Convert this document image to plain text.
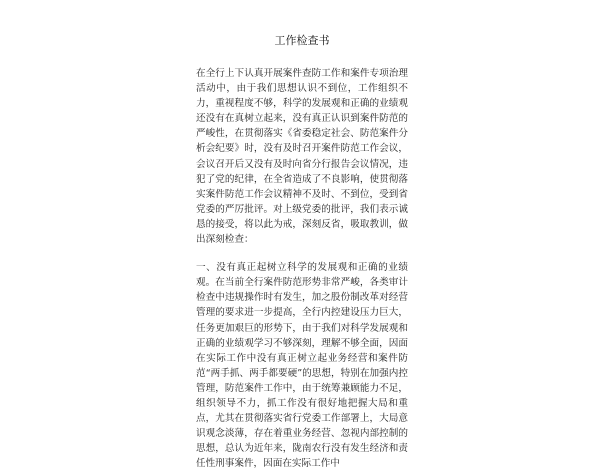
工作检查书

在全行上下认真开展案件查防工作和案件专项治理活动中，由于我们思想认识不到位，工作组织不力，重视程度不够，科学的发展观和正确的业绩观还没有在真树立起来，没有真正认识到案件防范的严峻性，在贯彻落实《省委稳定社会、防范案件分析会纪要》时，没有及时召开案件防范工作会议，会议召开后又没有及时向省分行报告会议情况，违犯了党的纪律，在全省造成了不良影响，使贯彻落实案件防范工作会议精神不及时、不到位，受到省党委的严厉批评。对上级党委的批评，我们表示诚恳的接受，将以此为戒，深刻反省，吸取教训，做出深刻检查：

一、没有真正起树立科学的发展观和正确的业绩观。在当前全行案件防范形势非常严峻，各类审计检查中违规操作时有发生，加之股份制改革对经营管理的要求进一步提高，全行内控建设压力巨大，任务更加艰巨的形势下，由于我们对科学发展观和正确的业绩观学习不够深刻，理解不够全面，因面在实际工作中没有真正树立起业务经营和案件防范“两手抓、两手都要硬”的思想，特别在加强内控管理，防范案件工作中，由于统筹兼顾能力不足，组织领导不力，抓工作没有很好地把握大局和重点，尤其在贯彻落实省行党委工作部署上，大局意识观念淡薄，存在着重业务经营、忽视内部控制的思想，总认为近年来，陇南农行没有发生经济和责任性刑事案件，因面在实际工作中
